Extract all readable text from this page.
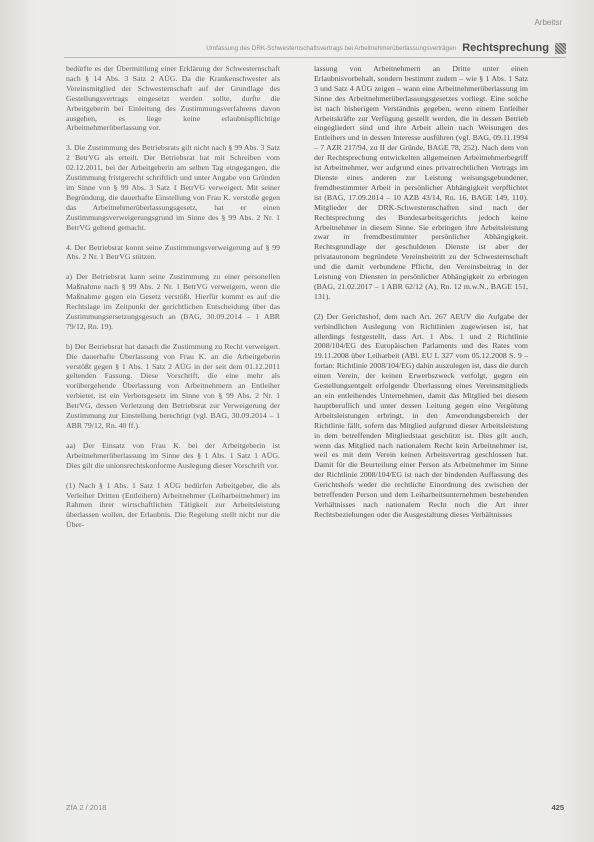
Arbeitsr
Umfassung des DRK-Schwesternschaftsvertrags bei Arbeitnehmerüberlassungsverträgen Rechtsprechung

bedürfte es der Übermittlung einer Erklärung der Schwesternschaft nach § 14 Abs. 3 Satz 2 AÜG. Da die Krankenschwester als Vereinsmitglied der Schwesternschaft auf der Grundlage des Gestellungsvertrags eingesetzt werden sollte, durfte die Arbeitgeberin bei Einleitung des Zustimmungsverfahrens davon ausgehen, es liege keine erlaubnispflichtige Arbeitnehmerüberlassung vor.

3. Die Zustimmung des Betriebsrats gilt nicht nach § 99 Abs. 3 Satz 2 BetrVG als erteilt. Der Betriebsrat hat mit Schreiben vom 02.12.2011, bei der Arbeitgeberin am selben Tag eingegangen, die Zustimmung fristgerecht schriftlich und unter Angabe von Gründen im Sinne von § 99 Abs. 3 Satz 1 BetrVG verweigert. Mit seiner Begründung, die dauerhafte Einstellung von Frau K. verstoße gegen das Arbeitnehmerüberlassungsgesetz, hat er einen Zustimmungsverweigerungsgrund im Sinne des § 99 Abs. 2 Nr. 1 BetrVG geltend gemacht.

4. Der Betriebsrat konnt seine Zustimmungsverweigerung auf § 99 Abs. 2 Nr. 1 BetrVG stützen.

a) Der Betriebsrat kann seine Zustimmung zu einer personellen Maßnahme nach § 99 Abs. 2 Nr. 1 BetrVG verweigern, wenn die Maßnahme gegen ein Gesetz verstößt. Hierfür kommt es auf die Rechtslage im Zeitpunkt der gerichtlichen Entscheidung über das Zustimmungsersetzungsgesuch an (BAG, 30.09.2014 – 1 ABR 79/12, Rn. 19).

b) Der Betriebsrat hat danach die Zustimmung zu Recht verweigert. Die dauerhafte Überlassung von Frau K. an die Arbeitgeberin verstößt gegen § 1 Abs. 1 Satz 2 AÜG in der seit dem 01.12.2011 geltenden Fassung. Diese Vorschrift, die eine mehr als vorübergehende Überlassung von Arbeitnehmern an Entleiher verbietet, ist ein Verbotsgesetz im Sinne von § 99 Abs. 2 Nr. 1 BetrVG, dessen Verletzung den Betriebsrat zur Verweigerung der Zustimmung zur Einstellung berechtigt (vgl. BAG, 30.09.2014 – 1 ABR 79/12, Rn. 40 ff.).

aa) Der Einsatz von Frau K. bei der Arbeitgeberin ist Arbeitnehmerüberlassung im Sinne des § 1 Abs. 1 Satz 1 AÜG. Dies gilt die unionsrechtskonforme Auslegung dieser Vorschrift vor.

(1) Nach § 1 Abs. 1 Satz 1 AÜG bedürfen Arbeitgeber, die als Verleiher Dritten (Entleihern) Arbeitnehmer (Leiharbeitnehmer) im Rahmen ihrer wirtschaftlichen Tätigkeit zur Arbeitsleistung überlassen wollen, der Erlaubnis. Die Regelung stellt nicht nur die Über-

lassung von Arbeitnehmern an Dritte unter einen Erlaubnisvorbehalt, sondern bestimmt zudem – wie § 1 Abs. 1 Satz 3 und Satz 4 AÜG zeigen – wann eine Arbeitnehmerüberlassung im Sinne des Arbeitnehmerüberlassungsgesetzes vorliegt. Eine solche ist nach bisherigem Verständnis gegeben, wenn einem Entleiher Arbeitskräfte zur Verfügung gestellt werden, die in dessen Betrieb eingegliedert sind und ihre Arbeit allein nach Weisungen des Entleihers und in dessen Interesse ausführen (vgl. BAG, 09.11.1994 – 7 AZR 217/94, zu II der Gründe, BAGE 78, 252). Nach dem von der Rechtsprechung entwickelten allgemeinen Arbeitnehmerbegriff ist Arbeitnehmer, wer aufgrund eines privatrechtlichen Vertrags im Dienste eines anderen zur Leistung weisungsgebundener, fremdbestimmter Arbeit in persönlicher Abhängigkeit verpflichtet ist (BAG, 17.09.2014 – 10 AZB 43/14, Rn. 16, BAGE 149, 110). Mitglieder der DRK-Schwesternschaften sind nach der Rechtsprechung des Bundesarbeitsgerichts jedoch keine Arbeitnehmer in diesem Sinne. Sie erbringen ihre Arbeitsleistung zwar in fremdbestimmter persönlicher Abhängigkeit. Rechtsgrundlage der geschuldeten Dienste ist aber der privatautonom begründete Vereinsbeitritt zu der Schwesternschaft und die damit verbundene Pflicht, den Vereinsbeitrag in der Leistung von Diensten in persönlicher Abhängigkeit zu erbringen (BAG, 21.02.2017 – 1 ABR 62/12 (A), Rn. 12 m.w.N., BAGE 151, 131).

(2) Der Gerichtshof, dem nach Art. 267 AEUV die Aufgabe der verbindlichen Auslegung von Richtlinien zugewiesen ist, hat allerdings festgestellt, dass Art. 1 Abs. 1 und 2 Richtlinie 2008/104/EG des Europäischen Parlaments und des Rates vom 19.11.2008 über Leiharbeit (ABl. EU L 327 vom 05.12.2008 S. 9 – fortan: Richtlinie 2008/104/EG) dahin auszulegen ist, dass die durch einen Verein, der keinen Erwerbszweck verfolgt, gegen ein Gestellungsentgelt erfolgende Überlassung eines Vereinsmitglieds an ein entleihendes Unternehmen, damit das Mitglied bei diesem hauptberuflich und unter dessen Leitung gegen eine Vergütung Arbeitsleistungen erbringt, in den Anwendungsbereich der Richtlinie fällt, sofern das Mitglied aufgrund dieser Arbeitsleistung in dem betreffenden Mitgliedstaat geschützt ist. Dies gilt auch, wenn das Mitglied nach nationalem Recht kein Arbeitnehmer ist, weil es mit dem Verein keinen Arbeitsvertrag geschlossen hat. Damit für die Beurteilung einer Person als Arbeitnehmer im Sinne der Richtlinie 2008/104/EG ist nach der bindenden Auffassung des Gerichtshofs weder die rechtliche Einordnung des zwischen der betreffenden Person und dem Leiharbeitsunternehmen bestehenden Verhältnisses nach nationalem Recht noch die Art ihrer Rechtsbeziehungen oder die Ausgestaltung dieses Verhältnisses

ZfA 2 / 2018	425
